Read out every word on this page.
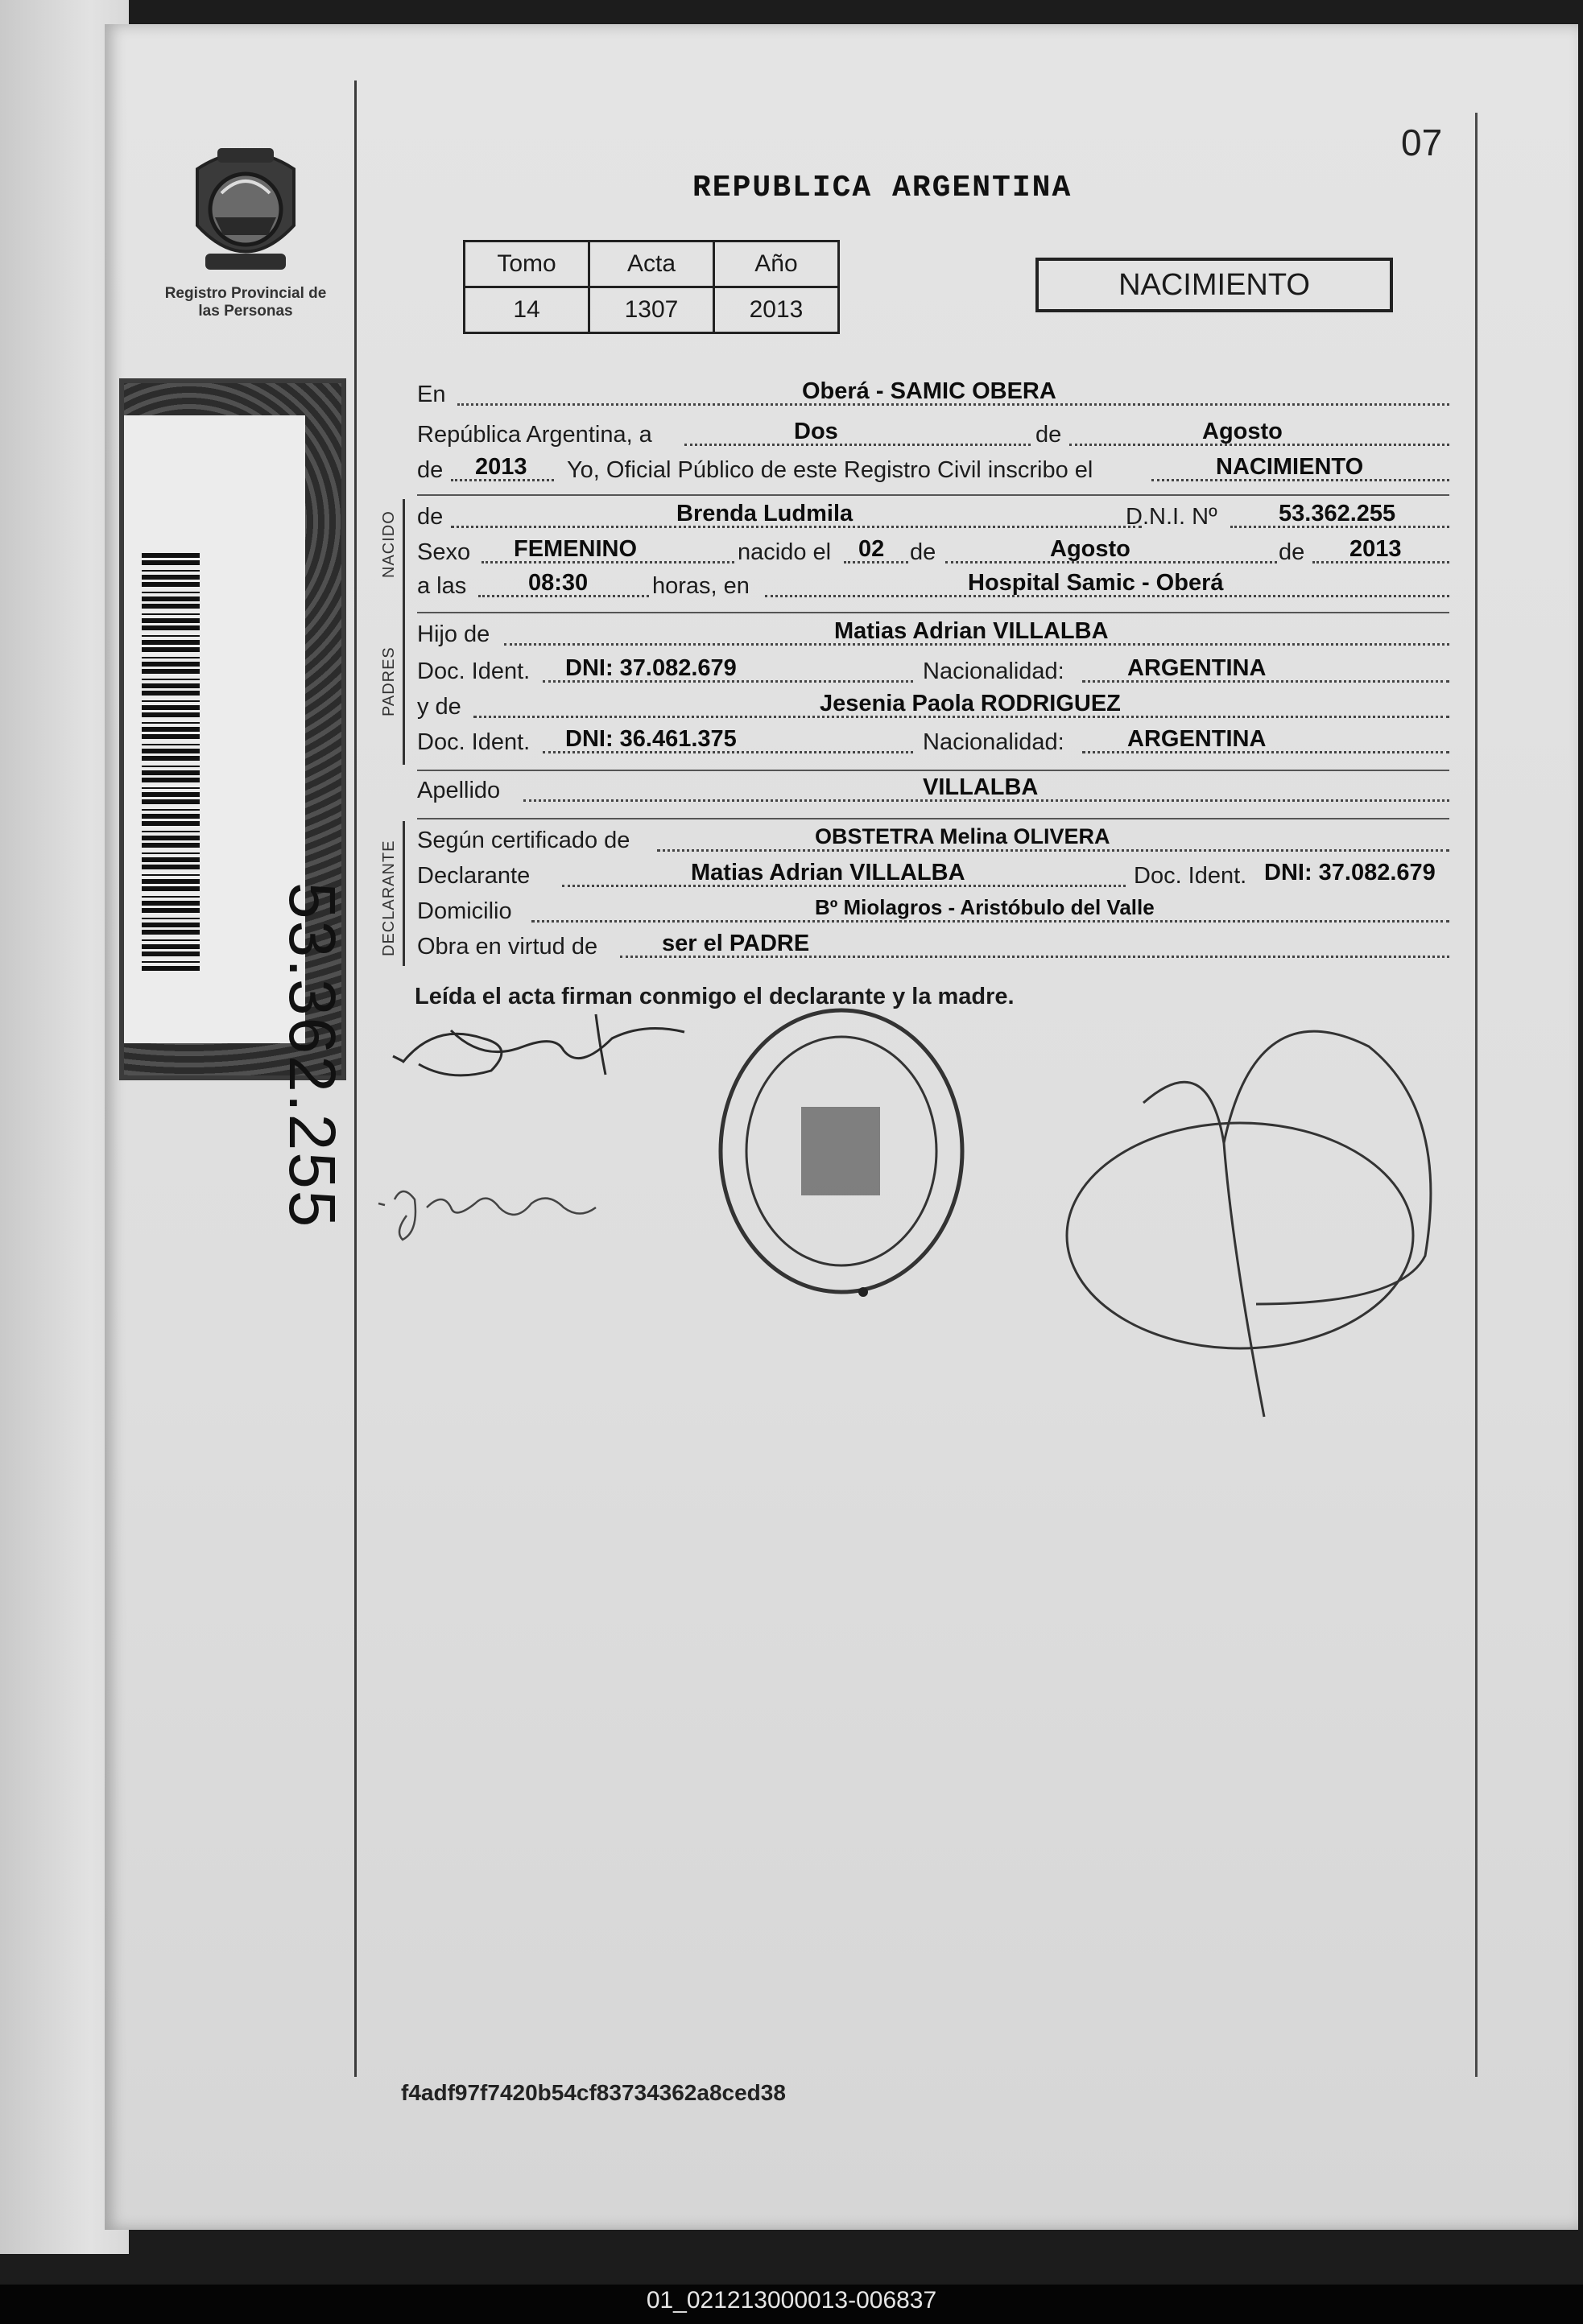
Registro Provincial de las Personas
53.362.255
07
REPUBLICA ARGENTINA
Tomo	Acta	Año
14	1307	2013
NACIMIENTO
NACIDO
PADRES
DECLARANTE
En	Oberá - SAMIC OBERA
República Argentina, a	Dos	de	Agosto
de 2013 Yo, Oficial Público de este Registro Civil inscribo el	NACIMIENTO
de	Brenda Ludmila	D.N.I. Nº	53.362.255
Sexo FEMENINO	nacido el 02 de	Agosto	de 2013
a las	08:30	horas, en	Hospital Samic - Oberá
Hijo de	Matias Adrian VILLALBA
Doc. Ident. DNI: 37.082.679	Nacionalidad:	ARGENTINA
y de	Jesenia Paola RODRIGUEZ
Doc. Ident. DNI: 36.461.375	Nacionalidad:	ARGENTINA
Apellido	VILLALBA
Según certificado de	OBSTETRA Melina OLIVERA
Declarante	Matias Adrian VILLALBA	Doc. Ident. DNI: 37.082.679
Domicilio	Bº Miolagros - Aristóbulo del Valle
Obra en virtud de	ser el PADRE
Leída el acta firman conmigo el declarante y la madre.
f4adf97f7420b54cf83734362a8ced38
01_021213000013-006837
